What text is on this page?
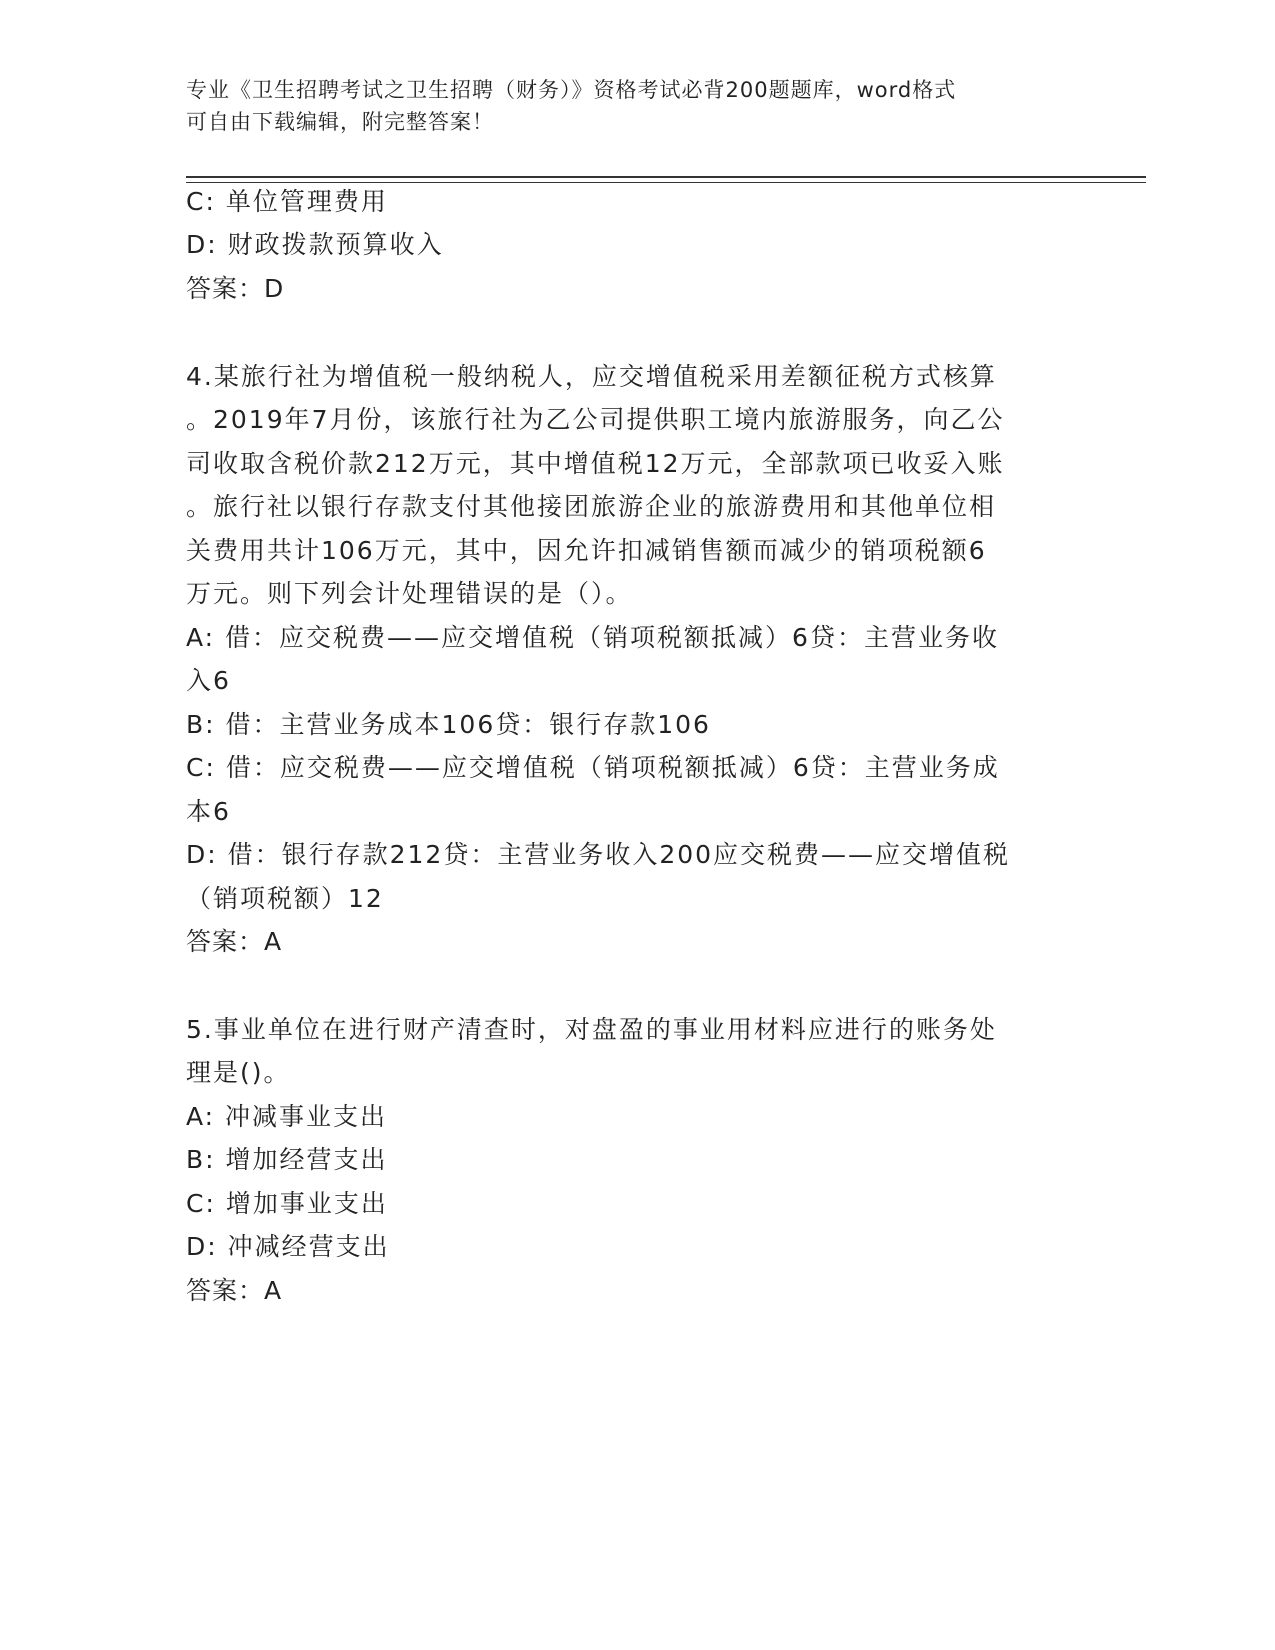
专业《卫生招聘考试之卫生招聘（财务）》资格考试必背200题题库，word格式
可自由下载编辑，附完整答案！
C: 单位管理费用
D: 财政拨款预算收入
答案：D
4.某旅行社为增值税一般纳税人，应交增值税采用差额征税方式核算
。2019年7月份，该旅行社为乙公司提供职工境内旅游服务，向乙公
司收取含税价款212万元，其中增值税12万元，全部款项已收妥入账
。旅行社以银行存款支付其他接团旅游企业的旅游费用和其他单位相
关费用共计106万元，其中，因允许扣减销售额而减少的销项税额6
万元。则下列会计处理错误的是（）。
A: 借：应交税费——应交增值税（销项税额抵减）6贷：主营业务收
入6
B: 借：主营业务成本106贷：银行存款106
C: 借：应交税费——应交增值税（销项税额抵减）6贷：主营业务成
本6
D: 借：银行存款212贷：主营业务收入200应交税费——应交增值税
（销项税额）12
答案：A
5.事业单位在进行财产清查时，对盘盈的事业用材料应进行的账务处
理是()。
A: 冲减事业支出
B: 增加经营支出
C: 增加事业支出
D: 冲减经营支出
答案：A
